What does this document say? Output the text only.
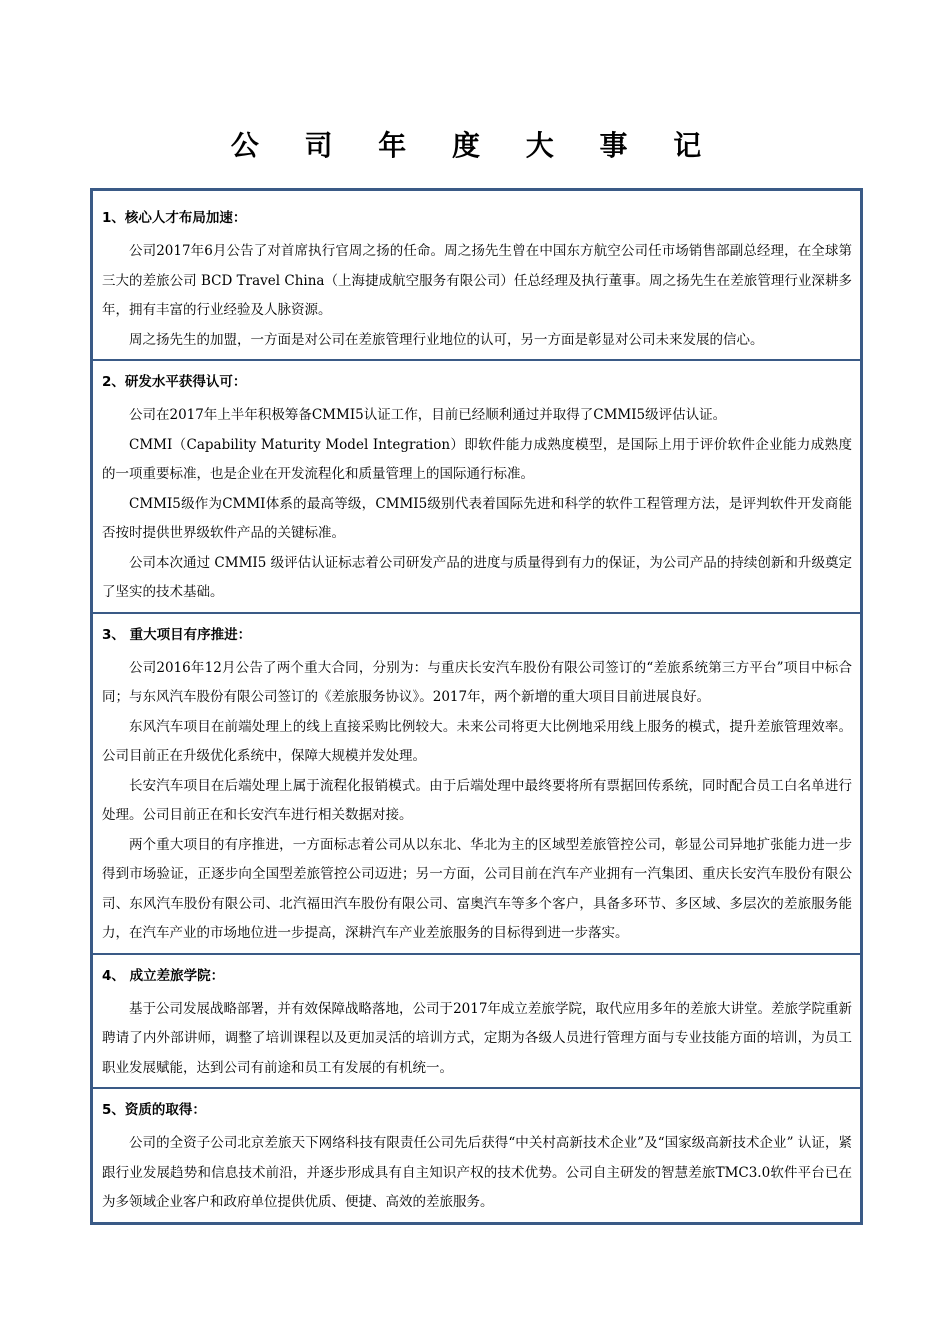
公 司 年 度 大 事 记
1、核心人才布局加速：

公司2017年6月公告了对首席执行官周之扬的任命。周之扬先生曾在中国东方航空公司任市场销售部副总经理，在全球第三大的差旅公司 BCD Travel China（上海捷成航空服务有限公司）任总经理及执行董事。周之扬先生在差旅管理行业深耕多年，拥有丰富的行业经验及人脉资源。

周之扬先生的加盟，一方面是对公司在差旅管理行业地位的认可，另一方面是彰显对公司未来发展的信心。

2、研发水平获得认可：

公司在2017年上半年积极筹备CMMI5认证工作，目前已经顺利通过并取得了CMMI5级评估认证。

CMMI（Capability Maturity Model Integration）即软件能力成熟度模型，是国际上用于评价软件企业能力成熟度的一项重要标准，也是企业在开发流程化和质量管理上的国际通行标准。

CMMI5级作为CMMI体系的最高等级，CMMI5级别代表着国际先进和科学的软件工程管理方法，是评判软件开发商能否按时提供世界级软件产品的关键标准。

公司本次通过 CMMI5 级评估认证标志着公司研发产品的进度与质量得到有力的保证，为公司产品的持续创新和升级奠定了坚实的技术基础。

3、 重大项目有序推进：

公司2016年12月公告了两个重大合同，分别为：与重庆长安汽车股份有限公司签订的“差旅系统第三方平台”项目中标合同；与东风汽车股份有限公司签订的《差旅服务协议》。2017年，两个新增的重大项目目前进展良好。

东风汽车项目在前端处理上的线上直接采购比例较大。未来公司将更大比例地采用线上服务的模式，提升差旅管理效率。公司目前正在升级优化系统中，保障大规模并发处理。

长安汽车项目在后端处理上属于流程化报销模式。由于后端处理中最终要将所有票据回传系统，同时配合员工白名单进行处理。公司目前正在和长安汽车进行相关数据对接。

两个重大项目的有序推进，一方面标志着公司从以东北、华北为主的区域型差旅管控公司，彰显公司异地扩张能力进一步得到市场验证，正逐步向全国型差旅管控公司迈进；另一方面，公司目前在汽车产业拥有一汽集团、重庆长安汽车股份有限公司、东风汽车股份有限公司、北汽福田汽车股份有限公司、富奥汽车等多个客户，具备多环节、多区域、多层次的差旅服务能力，在汽车产业的市场地位进一步提高，深耕汽车产业差旅服务的目标得到进一步落实。

4、 成立差旅学院：

基于公司发展战略部署，并有效保障战略落地，公司于2017年成立差旅学院，取代应用多年的差旅大讲堂。差旅学院重新聘请了内外部讲师，调整了培训课程以及更加灵活的培训方式，定期为各级人员进行管理方面与专业技能方面的培训，为员工职业发展赋能，达到公司有前途和员工有发展的有机统一。

5、资质的取得：

公司的全资子公司北京差旅天下网络科技有限责任公司先后获得“中关村高新技术企业”及“国家级高新技术企业” 认证，紧跟行业发展趋势和信息技术前沿，并逐步形成具有自主知识产权的技术优势。公司自主研发的智慧差旅TMC3.0软件平台已在为多领域企业客户和政府单位提供优质、便捷、高效的差旅服务。
